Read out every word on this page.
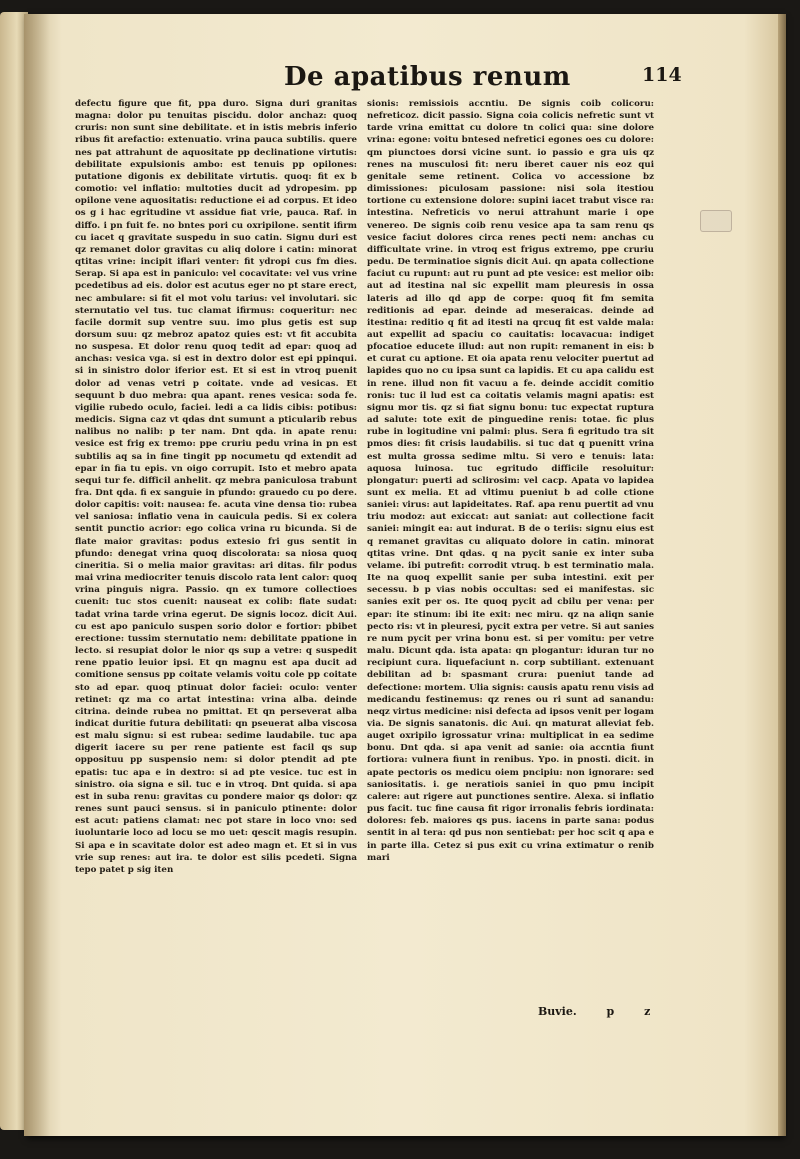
De apatibus renum	114

defectu figure que fit, ppa duro. Signa duri granitas magna: dolor pu tenuitas piscidu. dolor anchaz: quoq cruris: non sunt sine debilitate. et in istis mebris inferio ribus fit arefactio: extenuatio. vrina pauca subtilis. quere nes pat attrahunt de aquositate pp declinatione virtutis: debilitate expulsionis ambo: est tenuis pp opilones: putatione digonis ex debilitate virtutis. quoq: fit ex b comotio: vel inflatio: multoties ducit ad ydropesim. pp opilone vene aquositatis: reductione ei ad corpus. Et ideo os g i hac egritudine vt assidue fiat vrie, pauca. Raf. in diffo. i pn fuit fe. no bntes pori cu oxripilone. sentit ifirm cu iacet q gravitate suspedu in suo catin. Signu duri est qz remanet dolor gravitas cu aliq dolore i catin: minorat qtitas vrine: incipit iflari venter: fit ydropi cus fm dies. Serap. Si apa est in paniculo: vel cocavitate: vel vus vrine pcedetibus ad eis. dolor est acutus eger no pt stare erect, nec ambulare: si fit el mot volu tarius: vel involutari. sic sternutatio vel tus. tuc clamat ifirmus: coqueritur: nec facile dormit sup ventre suu. imo plus getis est sup dorsum suu: qz mebroz apatoz quies est: vt fit accubita no suspesa. Et dolor renu quoq tedit ad epar: quoq ad anchas: vesica vga. si est in dextro dolor est epi ppinqui. si in sinistro dolor iferior est. Et si est in vtroq puenit dolor ad venas vetri p coitate. vnde ad vesicas. Et sequunt b duo mebra: qua apant. renes vesica: soda fe. vigilie rubedo oculo, faciei. ledi a ca lidis cibis: potibus: medicis. Signa caz vt qdas dnt sumunt a pticularib rebus nalibus no nalib: p ter nam. Dnt qda. in apate renu: vesice est frig ex tremo: ppe cruriu pedu vrina in pn est subtilis aq sa in fine tingit pp nocumetu qd extendit ad epar in fia tu epis. vn oigo corrupit. Isto et mebro apata sequi tur fe. difficil anhelit. qz mebra paniculosa trabunt fra. Dnt qda. fi ex sanguie in pfundo: grauedo cu po dere. dolor capitis: voit: nausea: fe. acuta vine densa tio: rubea vel saniosa: inflatio vena in cauicula pedis. Si ex colera sentit punctio acrior: ego colica vrina ru bicunda. Si de flate maior gravitas: podus extesio fri gus sentit in pfundo: denegat vrina quoq discolorata: sa niosa quoq cineritia. Si o melia maior gravitas: ari ditas. filr podus mai vrina mediocriter tenuis discolo rata lent calor: quoq vrina pinguis nigra. Passio. qn ex tumore collectioes cuenit: tuc stos cuenit: nauseat ex colib: flate sudat: tadat vrina tarde vrina egerut. De signis locoz. dicit Aui. cu est apo paniculo suspen sorio dolor e fortior: pbibet erectione: tussim sternutatio nem: debilitate ppatione in lecto. si resupiat dolor le nior qs sup a vetre: q suspedit rene ppatio leuior ipsi. Et qn magnu est apa ducit ad comitione sensus pp coitate velamis voitu cole pp coitate sto ad epar. quoq ptinuat dolor faciei: oculo: venter retinet: qz ma co artat intestina: vrina alba. deinde citrina. deinde rubea no pmittat. Et qn perseverat alba indicat duritie futura debilitati: qn pseuerat alba viscosa est malu signu: si est rubea: sedime laudabile. tuc apa digerit iacere su per rene patiente est facil qs sup opposituu pp suspensio nem: si dolor ptendit ad pte epatis: tuc apa e in dextro: si ad pte vesice. tuc est in sinistro. oia signa e sil. tuc e in vtroq. Dnt quida. si apa est in suba renu: gravitas cu pondere maior qs dolor: qz renes sunt pauci sensus. si in paniculo ptinente: dolor est acut: patiens clamat: nec pot stare in loco vno: sed iuoluntarie loco ad locu se mo uet: qescit magis resupin. Si apa e in scavitate dolor est adeo magn et. Et si in vus vrie sup renes: aut ira. te dolor est silis pcedeti. Signa tepo patet p sig iten

sionis: remissiois accntiu. De signis coib colicoru: nefreticoz. dicit passio. Signa coia colicis nefretic sunt vt tarde vrina emittat cu dolore tn colici qua: sine dolore vrina: egone: voitu bntesed nefretici egones oes cu dolore: qm piunctoes dorsi vicine sunt. io passio e gra uis qz renes na musculosi fit: neru iberet cauer nis eoz qui genitale seme retinent. Colica vo accessione bz dimissiones: piculosam passione: nisi sola itestiou tortione cu extensione dolore: supini iacet trabut visce ra: intestina. Nefreticis vo nerui attrahunt marie i ope venereo. De signis coib renu vesice apa ta sam renu qs vesice faciut dolores circa renes pecti nem: anchas cu difficultate vrine. in vtroq est frigus extremo, ppe cruriu pedu. De terminatioe signis dicit Aui. qn apata collectione faciut cu rupunt: aut ru punt ad pte vesice: est melior oib: aut ad itestina nal sic expellit mam pleuresis in ossa lateris ad illo qd app de corpe: quoq fit fm semita reditionis ad epar. deinde ad meseraicas. deinde ad itestina: reditio q fit ad itesti na qrcuq fit est valde mala: aut expellit ad spaciu co cauitatis: locavacua: indiget pfocatioe educete illud: aut non rupit: remanent in eis: b et curat cu aptione. Et oia apata renu velociter puertut ad lapides quo no cu ipsa sunt ca lapidis. Et cu apa calidu est in rene. illud non fit vacuu a fe. deinde accidit comitio ronis: tuc il lud est ca coitatis velamis magni apatis: est signu mor tis. qz si fiat signu bonu: tuc expectat ruptura ad salute: tote exit de pinguedine renis: totae. fic plus rube in logitudine vni palmi: plus. Sera fi egritudo tra sit pmos dies: fit crisis laudabilis. si tuc dat q puenitt vrina est multa grossa sedime mltu. Si vero e tenuis: lata: aquosa luinosa. tuc egritudo difficile resoluitur: plongatur: puerti ad sclirosim: vel cacp. Apata vo lapidea sunt ex melia. Et ad vltimu pueniut b ad colle ctione saniei: virus: aut lapideitates. Raf. apa renu puertit ad vnu triu modoz: aut exiccat: aut saniat: aut collectione facit saniei: mingit ea: aut indurat. B de o teriis: signu eius est q remanet gravitas cu aliquato dolore in catin. minorat qtitas vrine. Dnt qdas. q na pycit sanie ex inter suba velame. ibi putrefit: corrodit vtruq. b est terminatio mala. Ite na quoq expellit sanie per suba intestini. exit per secessu. b p vias nobis occultas: sed ei manifestas. sic sanies exit per os. Ite quoq pycit ad cbilu per vena: per epar: ite stinum: ibi ite exit: nec miru. qz na aliqn sanie pecto ris: vt in pleuresi, pycit extra per vetre. Si aut sanies re num pycit per vrina bonu est. si per vomitu: per vetre malu. Dicunt qda. ista apata: qn plogantur: iduran tur no recipiunt cura. liquefaciunt n. corp subtiliant. extenuant debilitan ad b: spasmant crura: pueniut tande ad defectione: mortem. Ulia signis: causis apatu renu visis ad medicandu festinemus: qz renes ou ri sunt ad sanandu: neqz virtus medicine: nisi defecta ad ipsos venit per logam via. De signis sanatonis. dic Aui. qn maturat alleviat feb. auget oxripilo igrossatur vrina: multiplicat in ea sedime bonu. Dnt qda. si apa venit ad sanie: oia accntia fiunt fortiora: vulnera fiunt in renibus. Ypo. in pnosti. dicit. in apate pectoris os medicu oiem pncipiu: non ignorare: sed saniositatis. i. ge neratiois saniei in quo pmu incipit calere: aut rigere aut punctiones sentire. Alexa. si inflatio pus facit. tuc fine causa fit rigor irronalis febris iordinata: dolores: feb. maiores qs pus. iacens in parte sana: podus sentit in al tera: qd pus non sentiebat: per hoc scit q apa e in parte illa. Cetez si pus exit cu vrina extimatur o renib mari

Buvie.	p	z
